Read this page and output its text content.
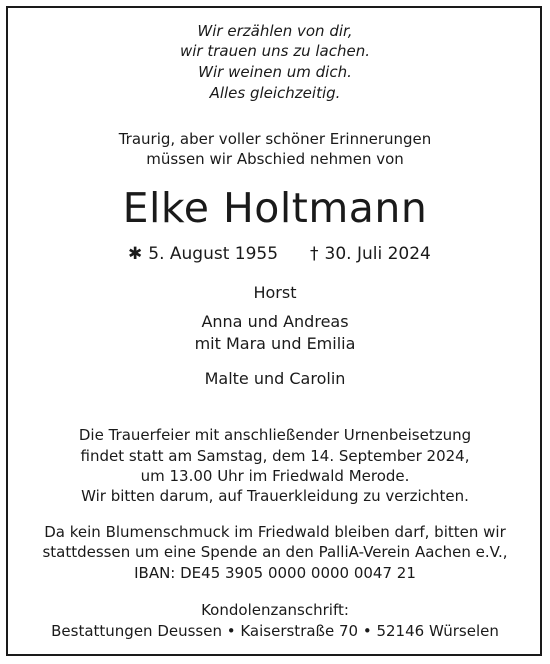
Wir erzählen von dir,
wir trauen uns zu lachen.
Wir weinen um dich.
Alles gleichzeitig.
Traurig, aber voller schöner Erinnerungen
müssen wir Abschied nehmen von
Elke Holtmann
✱ 5. August 1955 † 30. Juli 2024
Horst
Anna und Andreas
mit Mara und Emilia
Malte und Carolin
Die Trauerfeier mit anschließender Urnenbeisetzung
findet statt am Samstag, dem 14. September 2024,
um 13.00 Uhr im Friedwald Merode.
Wir bitten darum, auf Trauerkleidung zu verzichten.
Da kein Blumenschmuck im Friedwald bleiben darf, bitten wir
stattdessen um eine Spende an den PalliA-Verein Aachen e.V.,
IBAN: DE45 3905 0000 0000 0047 21
Kondolenzanschrift:
Bestattungen Deussen • Kaiserstraße 70 • 52146 Würselen
